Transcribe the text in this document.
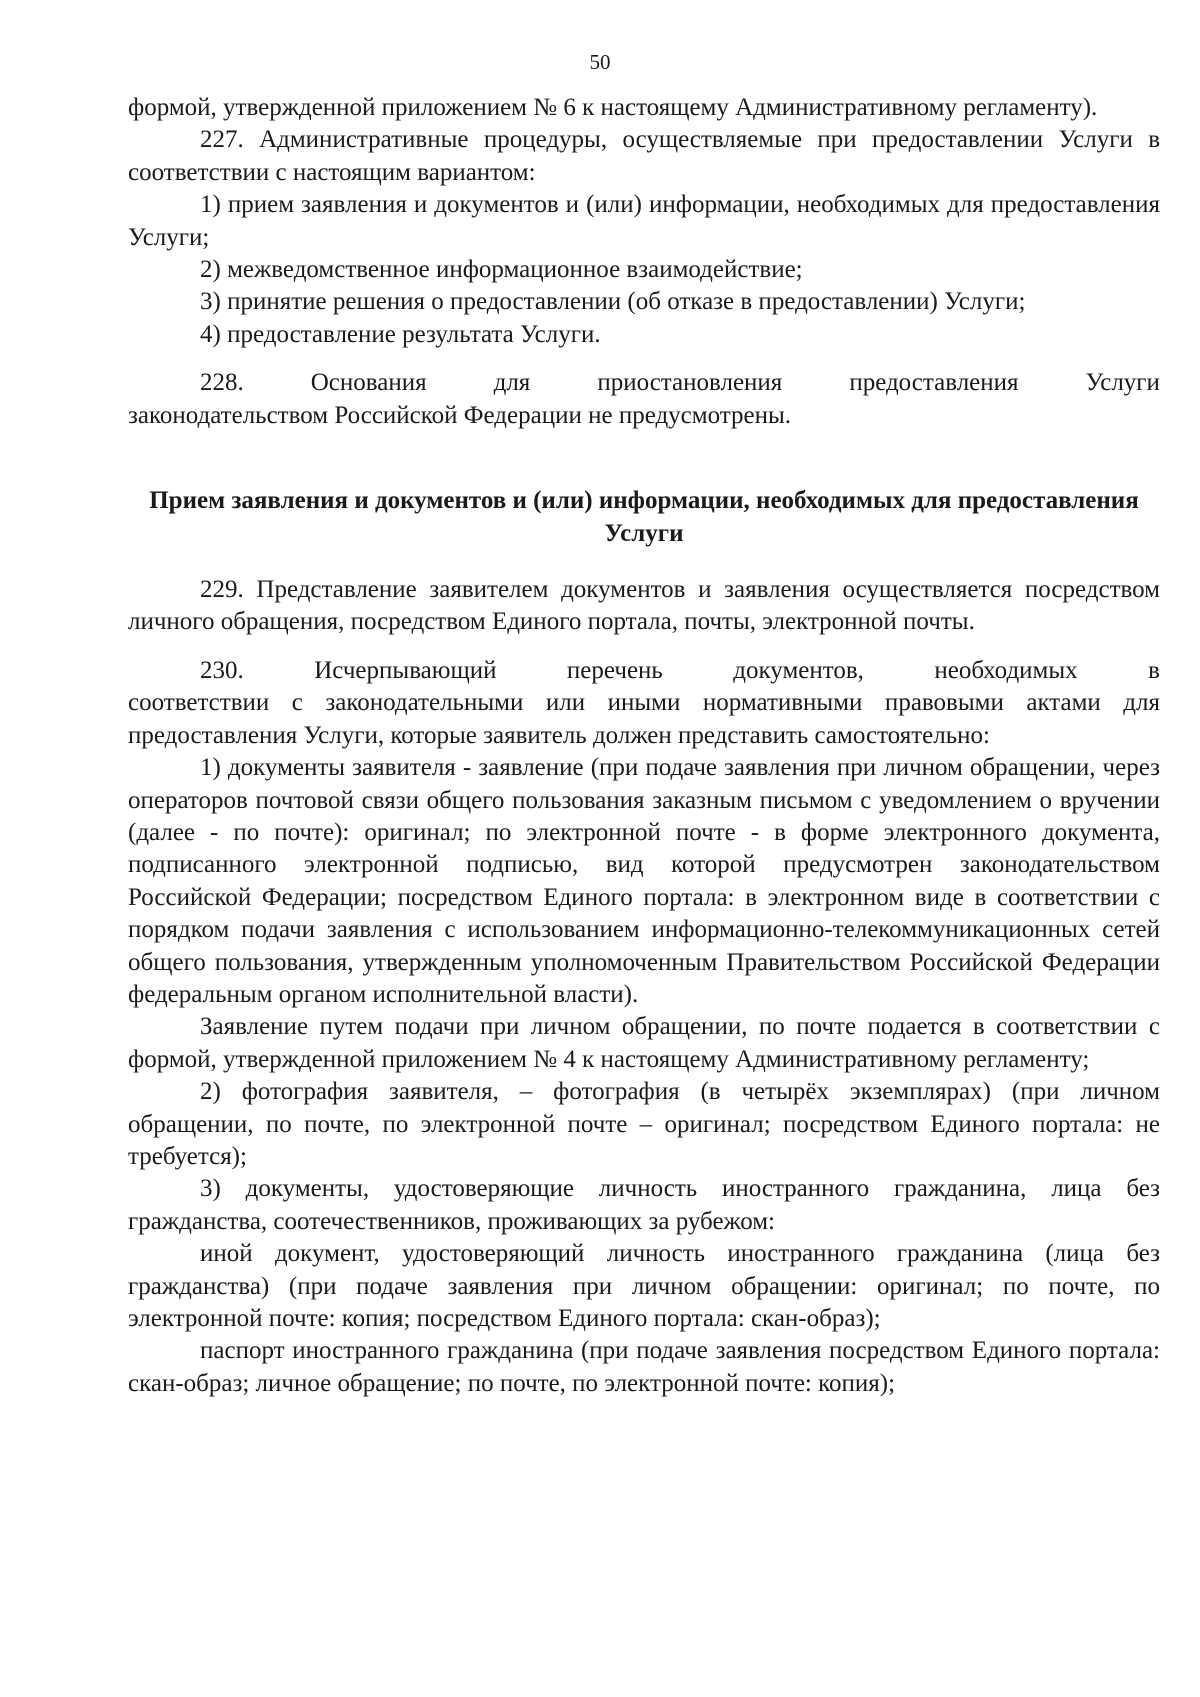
50

формой, утвержденной приложением № 6 к настоящему Административному регламенту).

227. Административные процедуры, осуществляемые при предоставлении Услуги в соответствии с настоящим вариантом:

1) прием заявления и документов и (или) информации, необходимых для предоставления Услуги;

2) межведомственное информационное взаимодействие;

3) принятие решения о предоставлении (об отказе в предоставлении) Услуги;

4) предоставление результата Услуги.

228.	Основания	для	приостановления	предоставления	Услуги

законодательством Российской Федерации не предусмотрены.

Прием заявления и документов и (или) информации, необходимых для предоставления Услуги

229. Представление заявителем документов и заявления осуществляется посредством личного обращения, посредством Единого портала, почты, электронной почты.

230.	Исчерпывающий	перечень	документов,	необходимых	в

соответствии с законодательными или иными нормативными правовыми актами для предоставления Услуги, которые заявитель должен представить самостоятельно:

1) документы заявителя - заявление (при подаче заявления при личном обращении, через операторов почтовой связи общего пользования заказным письмом с уведомлением о вручении (далее - по почте): оригинал; по электронной почте - в форме электронного документа, подписанного электронной подписью, вид которой предусмотрен законодательством Российской Федерации; посредством Единого портала: в электронном виде в соответствии с порядком подачи заявления с использованием информационно-телекоммуникационных сетей общего пользования, утвержденным уполномоченным Правительством Российской Федерации федеральным органом исполнительной власти).

Заявление путем подачи при личном обращении, по почте подается в соответствии с формой, утвержденной приложением № 4 к настоящему Административному регламенту;

2) фотография заявителя, – фотография (в четырёх экземплярах) (при личном обращении, по почте, по электронной почте – оригинал; посредством Единого портала: не требуется);

3) документы, удостоверяющие личность иностранного гражданина, лица без гражданства, соотечественников, проживающих за рубежом:

иной документ, удостоверяющий личность иностранного гражданина (лица без гражданства) (при подаче заявления при личном обращении: оригинал; по почте, по электронной почте: копия; посредством Единого портала: скан-образ);

паспорт иностранного гражданина (при подаче заявления посредством Единого портала: скан-образ; личное обращение; по почте, по электронной почте: копия);
